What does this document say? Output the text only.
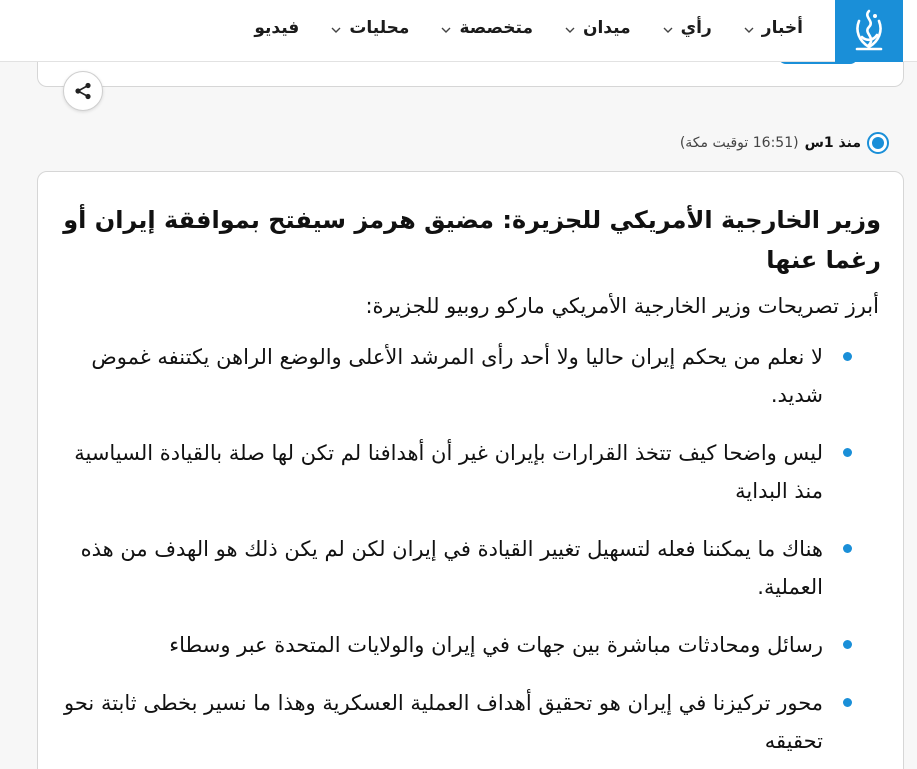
أخبار
رأي
ميدان
متخصصة
محليات
فيديو
منذ 1س
(16:51 توقيت مكة)
وزير الخارجية الأمريكي للجزيرة: مضيق هرمز سيفتح بموافقة إيران أو رغما عنها

أبرز تصريحات وزير الخارجية الأمريكي ماركو روبيو للجزيرة:

لا نعلم من يحكم إيران حاليا ولا أحد رأى المرشد الأعلى والوضع الراهن يكتنفه غموض شديد.
ليس واضحا كيف تتخذ القرارات بإيران غير أن أهدافنا لم تكن لها صلة بالقيادة السياسية منذ البداية
هناك ما يمكننا فعله لتسهيل تغيير القيادة في إيران لكن لم يكن ذلك هو الهدف من هذه العملية.
رسائل ومحادثات مباشرة بين جهات في إيران والولايات المتحدة عبر وسطاء
محور تركيزنا في إيران هو تحقيق أهداف العملية العسكرية وهذا ما نسير بخطى ثابتة نحو تحقيقه
